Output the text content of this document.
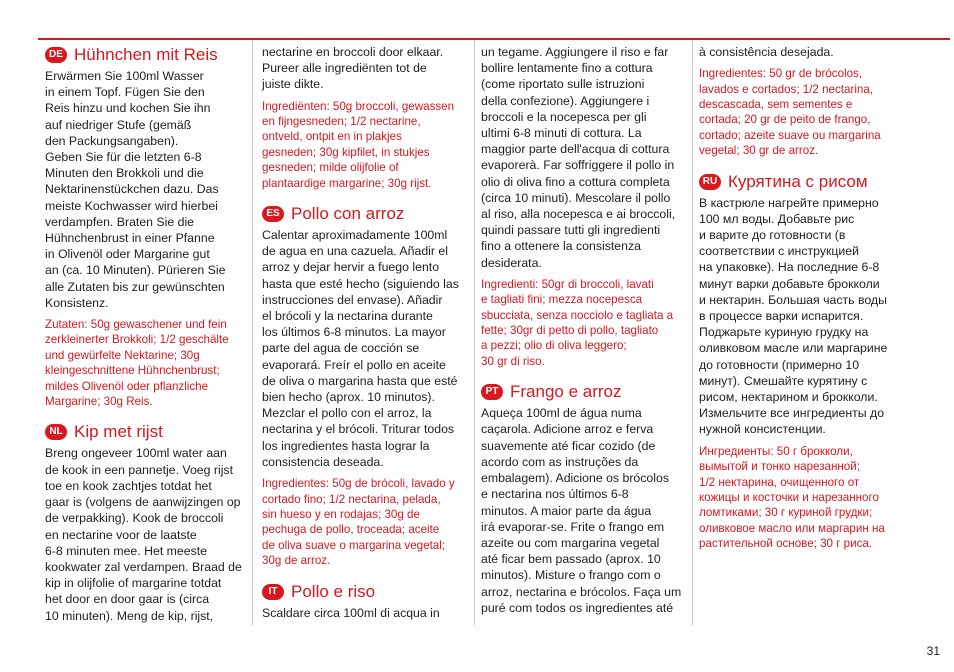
DE Hühnchen mit Reis

Erwärmen Sie 100ml Wasser
in einem Topf. Fügen Sie den
Reis hinzu und kochen Sie ihn
auf niedriger Stufe (gemäß
den Packungsangaben).
Geben Sie für die letzten 6-8
Minuten den Brokkoli und die
Nektarinenstückchen dazu. Das
meiste Kochwasser wird hierbei
verdampfen. Braten Sie die
Hühnchenbrust in einer Pfanne
in Olivenöl oder Margarine gut
an (ca. 10 Minuten). Pürieren Sie
alle Zutaten bis zur gewünschten
Konsistenz.

Zutaten: 50g gewaschener und fein
zerkleinerter Brokkoli; 1/2 geschälte
und gewürfelte Nektarine; 30g
kleingeschnittene Hühnchenbrust;
mildes Olivenöl oder pflanzliche
Margarine; 30g Reis.

NL Kip met rijst

Breng ongeveer 100ml water aan
de kook in een pannetje. Voeg rijst
toe en kook zachtjes totdat het
gaar is (volgens de aanwijzingen op
de verpakking). Kook de broccoli
en nectarine voor de laatste
6-8 minuten mee. Het meeste
kookwater zal verdampen. Braad de
kip in olijfolie of margarine totdat
het door en door gaar is (circa
10 minuten). Meng de kip, rijst,

nectarine en broccoli door elkaar.
Pureer alle ingrediënten tot de
juiste dikte.

Ingrediënten: 50g broccoli, gewassen
en fijngesneden; 1/2 nectarine,
ontveld, ontpit en in plakjes
gesneden; 30g kipfilet, in stukjes
gesneden; milde olijfolie of
plantaardige margarine; 30g rijst.

ES Pollo con arroz

Calentar aproximadamente 100ml
de agua en una cazuela. Añadir el
arroz y dejar hervir a fuego lento
hasta que esté hecho (siguiendo las
instrucciones del envase). Añadir
el brócoli y la nectarina durante
los últimos 6-8 minutos. La mayor
parte del agua de cocción se
evaporará. Freír el pollo en aceite
de oliva o margarina hasta que esté
bien hecho (aprox. 10 minutos).
Mezclar el pollo con el arroz, la
nectarina y el brócoli. Triturar todos
los ingredientes hasta lograr la
consistencia deseada.

Ingredientes: 50g de brócoli, lavado y
cortado fino; 1/2 nectarina, pelada,
sin hueso y en rodajas; 30g de
pechuga de pollo, troceada; aceite
de oliva suave o margarina vegetal;
30g de arroz.

IT Pollo e riso

Scaldare circa 100ml di acqua in

un tegame. Aggiungere il riso e far
bollire lentamente fino a cottura
(come riportato sulle istruzioni
della confezione). Aggiungere i
broccoli e la nocepesca per gli
ultimi 6-8 minuti di cottura. La
maggior parte dell'acqua di cottura
evaporerà. Far soffriggere il pollo in
olio di oliva fino a cottura completa
(circa 10 minuti). Mescolare il pollo
al riso, alla nocepesca e ai broccoli,
quindi passare tutti gli ingredienti
fino a ottenere la consistenza
desiderata.

Ingredienti: 50gr di broccoli, lavati
e tagliati fini; mezza nocepesca
sbucciata, senza nocciolo e tagliata a
fette; 30gr di petto di pollo, tagliato
a pezzi; olio di oliva leggero;
30 gr di riso.

PT Frango e arroz

Aqueça 100ml de água numa
caçarola. Adicione arroz e ferva
suavemente até ficar cozido (de
acordo com as instruções da
embalagem). Adicione os brócolos
e nectarina nos últimos 6-8
minutos. A maior parte da água
irá evaporar-se. Frite o frango em
azeite ou com margarina vegetal
até ficar bem passado (aprox. 10
minutos). Misture o frango com o
arroz, nectarina e brócolos. Faça um
puré com todos os ingredientes até

à consistência desejada.

Ingredientes: 50 gr de brócolos,
lavados e cortados; 1/2 nectarina,
descascada, sem sementes e
cortada; 20 gr de peito de frango,
cortado; azeite suave ou margarina
vegetal; 30 gr de arroz.

RU Курятина с рисом

В кастрюле нагрейте примерно
100 мл воды. Добавьте рис
и варите до готовности (в
соответствии с инструкцией
на упаковке). На последние 6-8
минут варки добавьте брокколи
и нектарин. Большая часть воды
в процессе варки испарится.
Поджарьте куриную грудку на
оливковом масле или маргарине
до готовности (примерно 10
минут). Смешайте курятину с
рисом, нектарином и брокколи.
Измельчите все ингредиенты до
нужной консистенции.

Ингредиенты: 50 г брокколи,
вымытой и тонко нарезанной;
1/2 нектарина, очищенного от
кожицы и косточки и нарезанного
ломтиками; 30 г куриной грудки;
оливковое масло или маргарин на
растительной основе; 30 г риса.

31
